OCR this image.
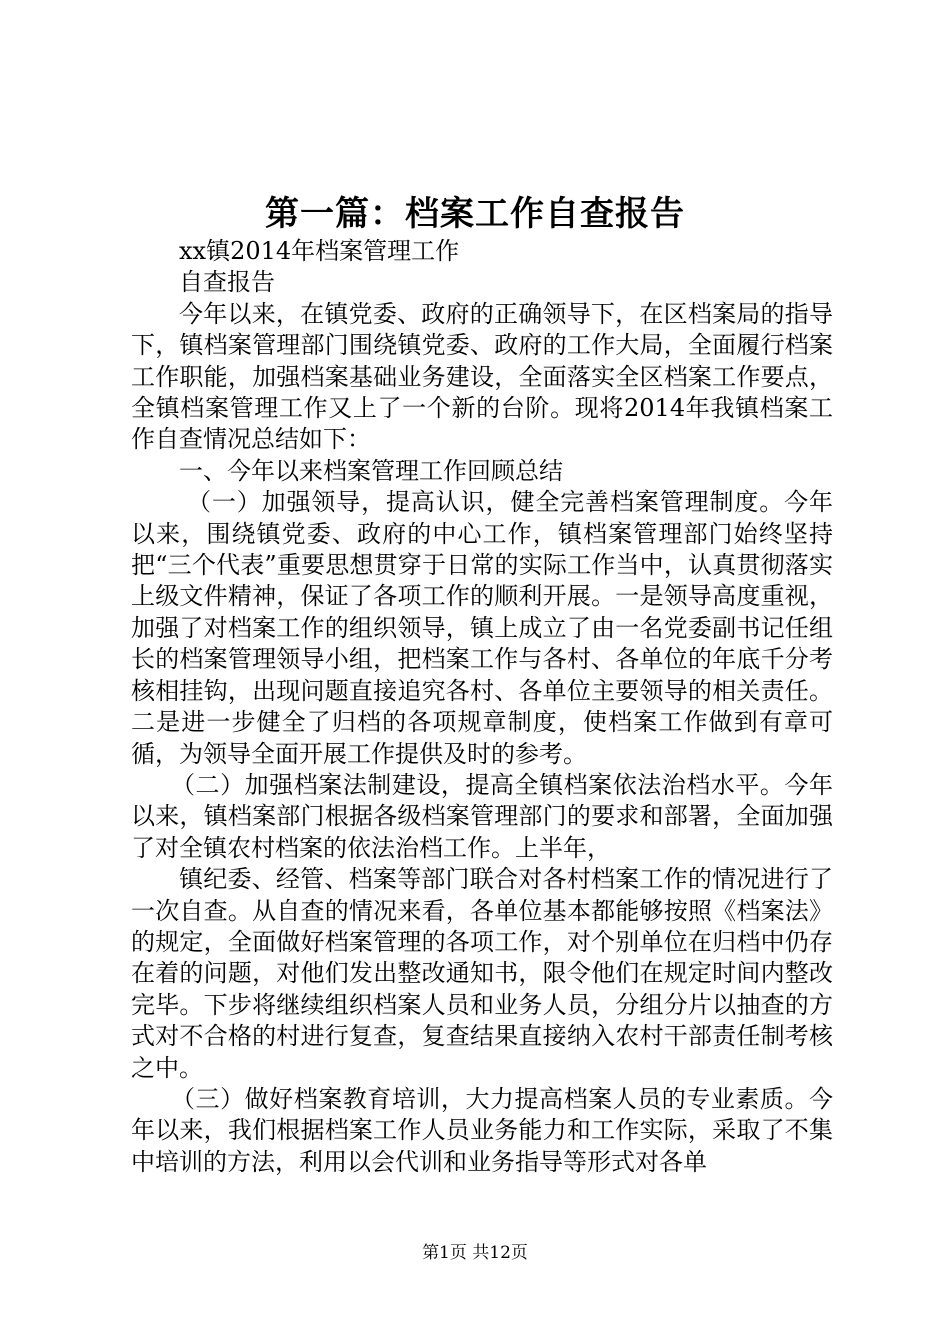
第一篇：档案工作自查报告

xx镇2014年档案管理工作

自查报告

今年以来，在镇党委、政府的正确领导下，在区档案局的指导下，镇档案管理部门围绕镇党委、政府的工作大局，全面履行档案工作职能，加强档案基础业务建设，全面落实全区档案工作要点，全镇档案管理工作又上了一个新的台阶。现将2014年我镇档案工作自查情况总结如下：

一、今年以来档案管理工作回顾总结

（一）加强领导，提高认识，健全完善档案管理制度。今年以来，围绕镇党委、政府的中心工作，镇档案管理部门始终坚持把“三个代表”重要思想贯穿于日常的实际工作当中，认真贯彻落实上级文件精神，保证了各项工作的顺利开展。一是领导高度重视，加强了对档案工作的组织领导，镇上成立了由一名党委副书记任组长的档案管理领导小组，把档案工作与各村、各单位的年底千分考核相挂钩，出现问题直接追究各村、各单位主要领导的相关责任。二是进一步健全了归档的各项规章制度，使档案工作做到有章可循，为领导全面开展工作提供及时的参考。

（二）加强档案法制建设，提高全镇档案依法治档水平。今年以来，镇档案部门根据各级档案管理部门的要求和部署，全面加强了对全镇农村档案的依法治档工作。上半年，

镇纪委、经管、档案等部门联合对各村档案工作的情况进行了一次自查。从自查的情况来看，各单位基本都能够按照《档案法》的规定，全面做好档案管理的各项工作，对个别单位在归档中仍存在着的问题，对他们发出整改通知书，限令他们在规定时间内整改完毕。下步将继续组织档案人员和业务人员，分组分片以抽查的方式对不合格的村进行复查，复查结果直接纳入农村干部责任制考核之中。

（三）做好档案教育培训，大力提高档案人员的专业素质。今年以来，我们根据档案工作人员业务能力和工作实际，采取了不集中培训的方法，利用以会代训和业务指导等形式对各单

第1页 共12页
